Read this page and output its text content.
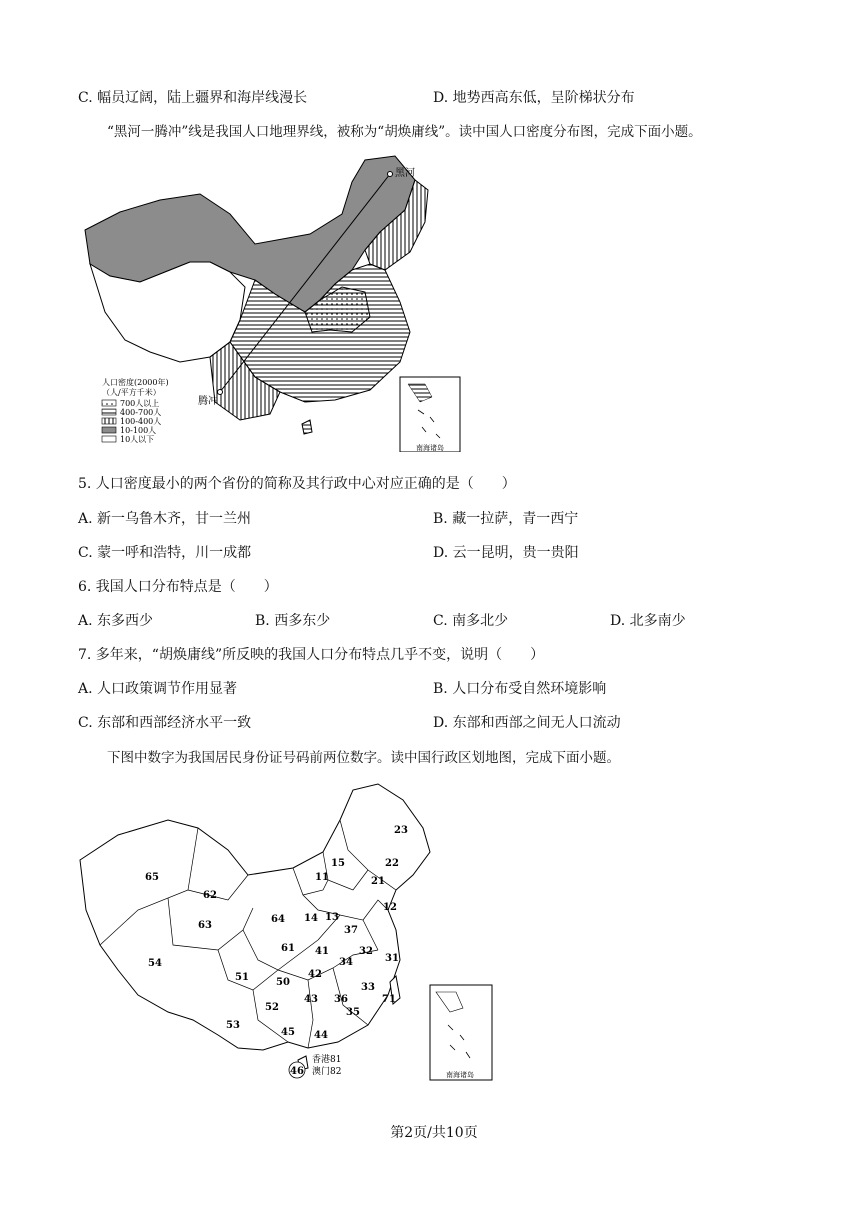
C. 幅员辽阔，陆上疆界和海岸线漫长	D. 地势西高东低，呈阶梯状分布
“黑河一腾冲”线是我国人口地理界线，被称为“胡焕庸线”。读中国人口密度分布图，完成下面小题。
黑河
腾冲
人口密度(2000年)
（人/平方千米）
700人以上
400-700人
100-400人
10-100人
10人以下
南海诸岛
5. 人口密度最小的两个省份的简称及其行政中心对应正确的是（　　）
A. 新一乌鲁木齐，甘一兰州	B. 藏一拉萨，青一西宁
C. 蒙一呼和浩特，川一成都	D. 云一昆明，贵一贵阳
6. 我国人口分布特点是（　　）
A. 东多西少	B. 西多东少	C. 南多北少	D. 北多南少
7. 多年来，“胡焕庸线”所反映的我国人口分布特点几乎不变，说明（　　）
A. 人口政策调节作用显著	B. 人口分布受自然环境影响
C. 东部和西部经济水平一致	D. 东部和西部之间无人口流动
下图中数字为我国居民身份证号码前两位数字。读中国行政区划地图，完成下面小题。
65
62
63
54
64
15
11
12
13
14
21
22
23
37
41
61
51	50
42
32
31
34
33
52
53
43 36
35
71
45 44
46
香港81
澳门82	南海诸岛
第2页/共10页
